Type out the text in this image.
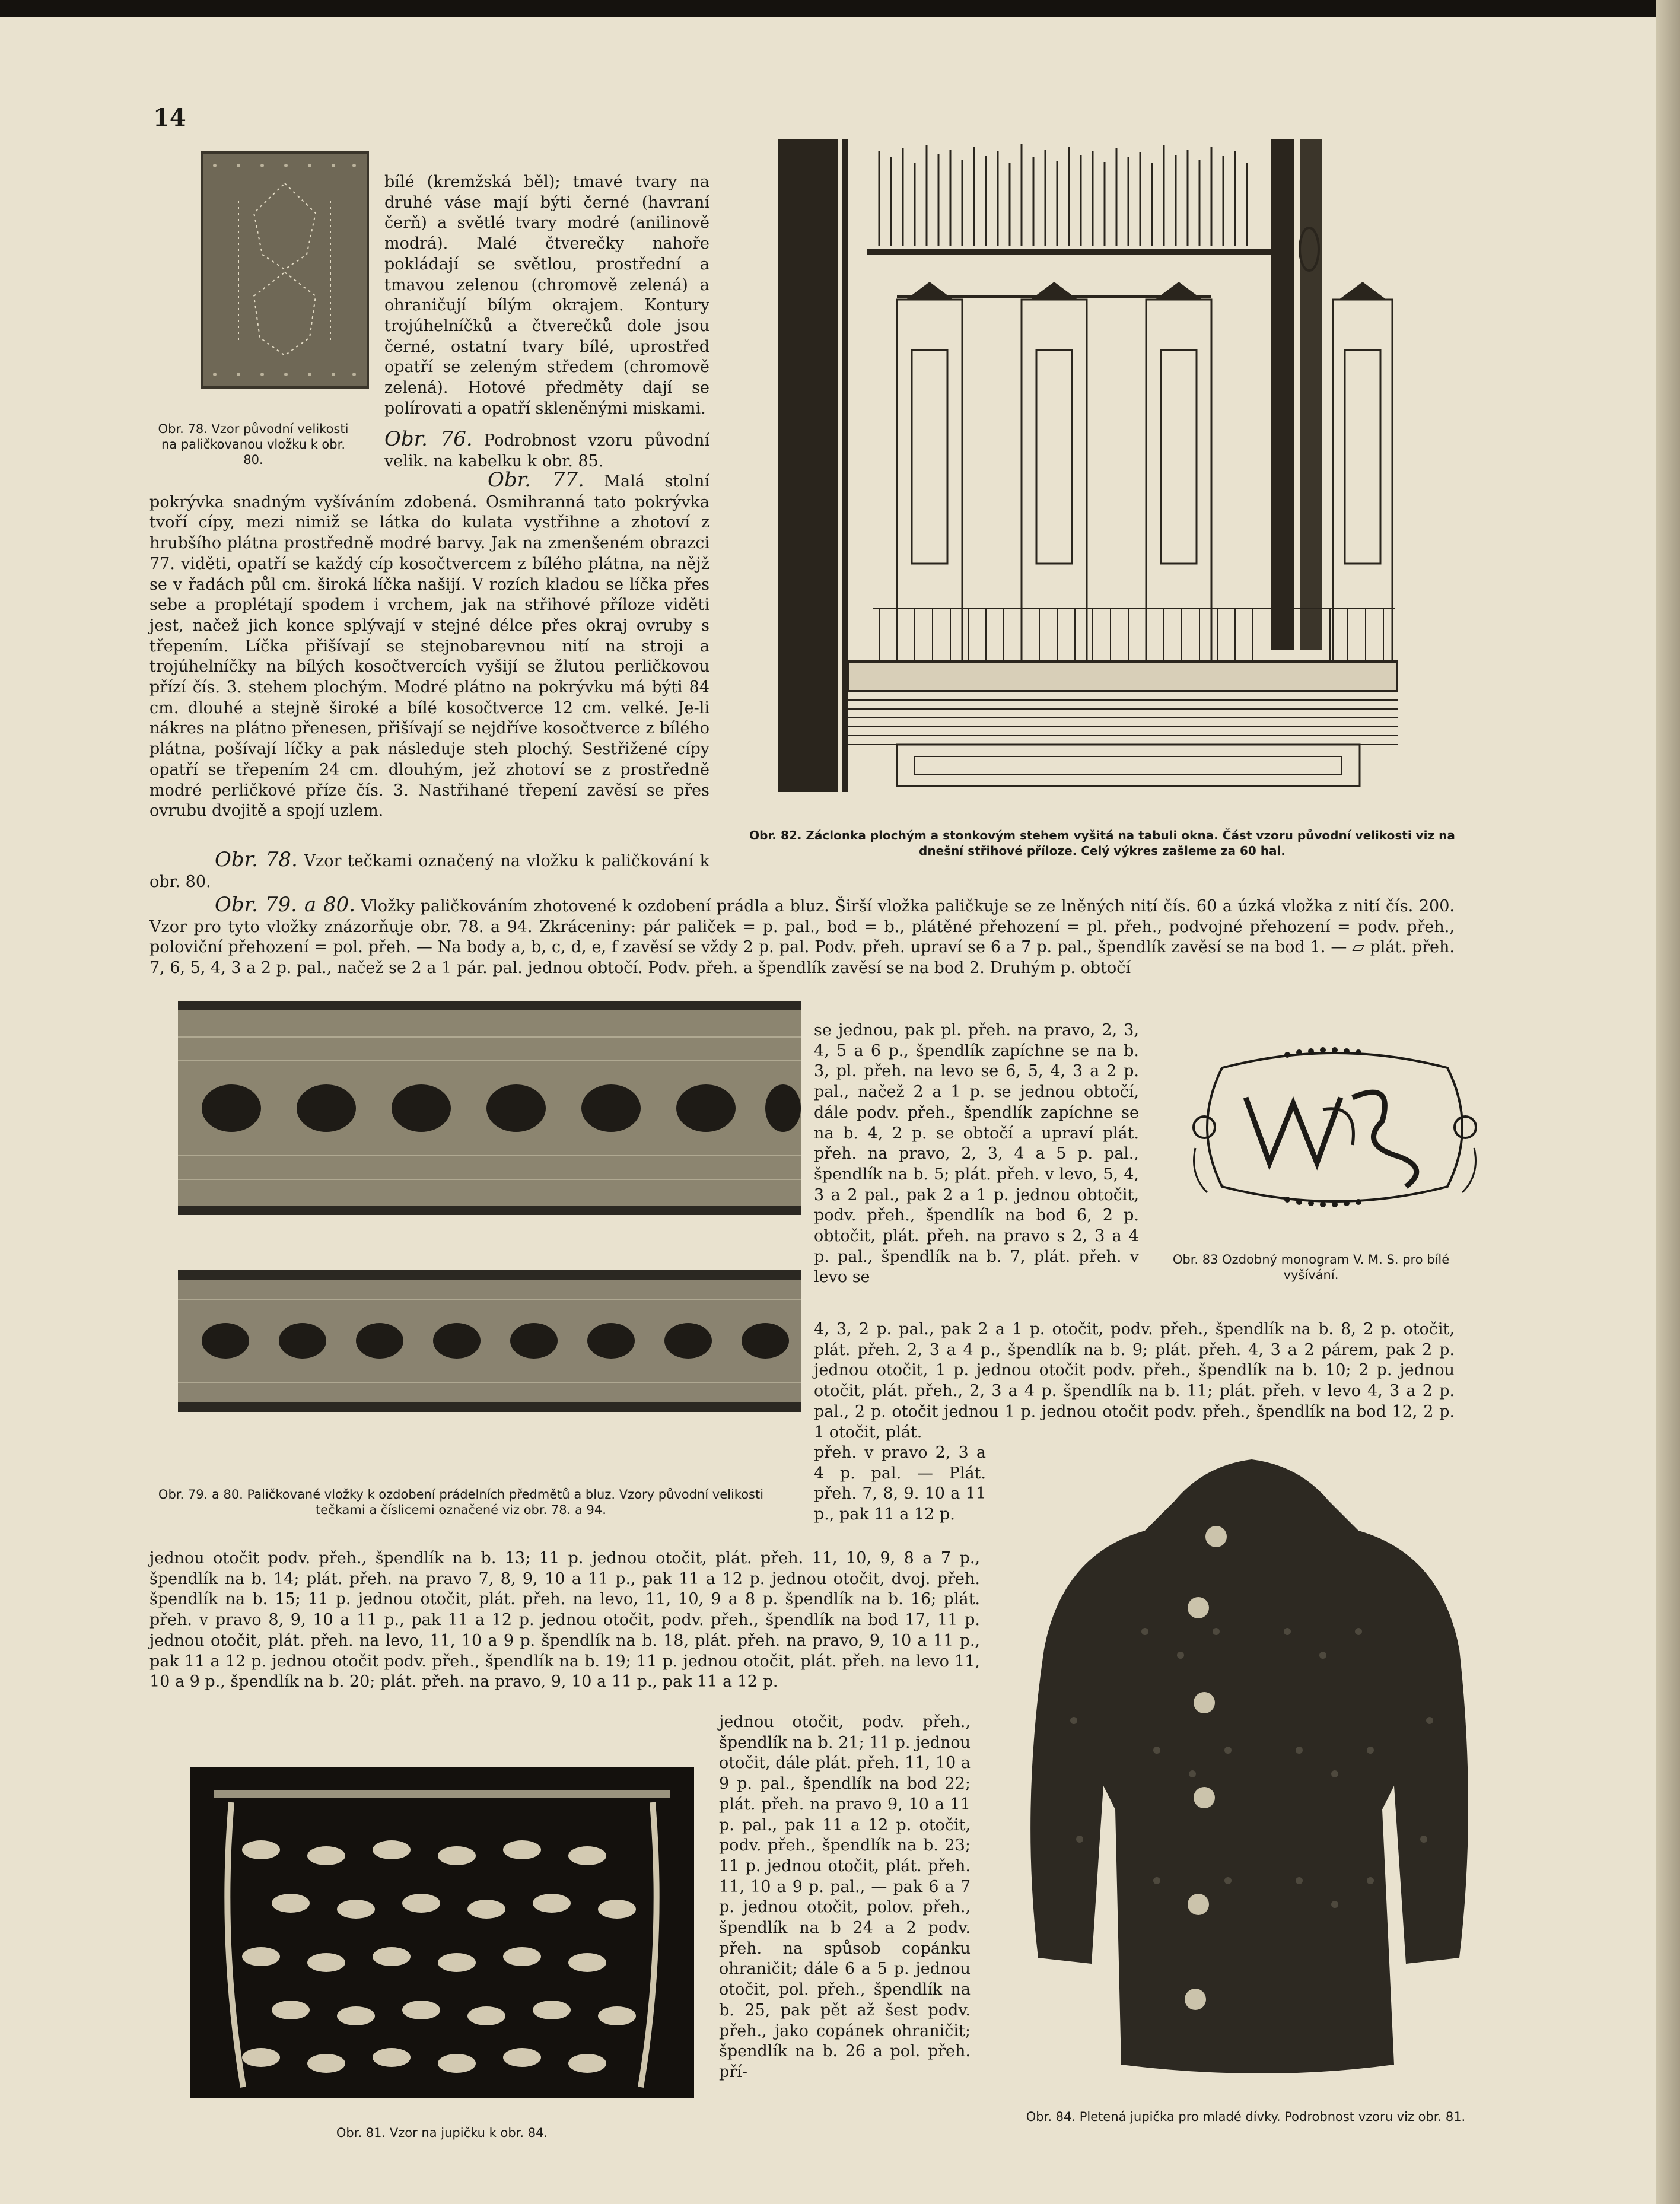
14
Obr. 78. Vzor původní velikosti na paličkovanou vložku k obr. 80.
bílé (kremžská běl); tmavé tvary na druhé váse mají býti černé (havraní čerň) a světlé tvary modré (anilinově modrá). Malé čtverečky nahoře pokládají se světlou, prostřední a tmavou zelenou (chromově zelená) a ohraničují bílým okrajem. Kontury trojúhelníčků a čtverečků dole jsou černé, ostatní tvary bílé, uprostřed opatří se zeleným středem (chromově zelená). Hotové předměty dají se polírovati a opatří skleněnými miskami.
Obr. 76. Podrobnost vzoru původní velik. na kabelku k obr. 85.
Obr. 77. Malá stolní pokrývka snadným vyšíváním zdobená. Osmihranná tato pokrývka tvoří cípy, mezi nimiž se látka do kulata vystřihne a zhotoví z hrubšího plátna prostředně modré barvy. Jak na zmenšeném obrazci 77. viděti, opatří se každý cíp kosočtvercem z bílého plátna, na nějž se v řadách půl cm. široká líčka našijí. V rozích kladou se líčka přes sebe a proplétají spodem i vrchem, jak na střihové příloze viděti jest, načež jich konce splývají v stejné délce přes okraj ovruby s třepením. Líčka přišívají se stejnobarevnou nití na stroji a trojúhelníčky na bílých kosočtvercích vyšijí se žlutou perličkovou přízí čís. 3. stehem plochým. Modré plátno na pokrývku má býti 84 cm. dlouhé a stejně široké a bílé kosočtverce 12 cm. velké. Je-li nákres na plátno přenesen, přišívají se nejdříve kosočtverce z bílého plátna, pošívají líčky a pak následuje steh plochý. Sestřižené cípy opatří se třepením 24 cm. dlouhým, jež zhotoví se z prostředně modré perličkové příze čís. 3. Nastřihané třepení zavěsí se přes ovrubu dvojitě a spojí uzlem.
Obr. 78. Vzor tečkami označený na vložku k paličkování k obr. 80.
Obr. 82. Záclonka plochým a stonkovým stehem vyšitá na tabuli okna. Část vzoru původní velikosti viz na dnešní střihové příloze. Celý výkres zašleme za 60 hal.
Obr. 79. a 80. Vložky paličkováním zhotovené k ozdobení prádla a bluz. Širší vložka paličkuje se ze lněných nití čís. 60 a úzká vložka z nití čís. 200. Vzor pro tyto vložky znázorňuje obr. 78. a 94. Zkráceniny: pár paliček = p. pal., bod = b., plátěné přehození = pl. přeh., podvojné přehození = podv. přeh., poloviční přehození = pol. přeh. — Na body a, b, c, d, e, f zavěsí se vždy 2 p. pal. Podv. přeh. upraví se 6 a 7 p. pal., špendlík zavěsí se na bod 1. — ▱ plát. přeh. 7, 6, 5, 4, 3 a 2 p. pal., načež se 2 a 1 pár. pal. jednou obtočí. Podv. přeh. a špendlík zavěsí se na bod 2. Druhým p. obtočí
Obr. 79. a 80. Paličkované vložky k ozdobení prádelních předmětů a bluz. Vzory původní velikosti tečkami a číslicemi označené viz obr. 78. a 94.
se jednou, pak pl. přeh. na pravo, 2, 3, 4, 5 a 6 p., špendlík zapíchne se na b. 3, pl. přeh. na levo se 6, 5, 4, 3 a 2 p. pal., načež 2 a 1 p. se jednou obtočí, dále podv. přeh., špendlík zapíchne se na b. 4, 2 p. se obtočí a upraví plát. přeh. na pravo, 2, 3, 4 a 5 p. pal., špendlík na b. 5; plát. přeh. v levo, 5, 4, 3 a 2 pal., pak 2 a 1 p. jednou obtočit, podv. přeh., špendlík na bod 6, 2 p. obtočit, plát. přeh. na pravo s 2, 3 a 4 p. pal., špendlík na b. 7, plát. přeh. v levo se
Obr. 83 Ozdobný monogram V. M. S. pro bílé vyšívání.
4, 3, 2 p. pal., pak 2 a 1 p. otočit, podv. přeh., špendlík na b. 8, 2 p. otočit, plát. přeh. 2, 3 a 4 p., špendlík na b. 9; plát. přeh. 4, 3 a 2 párem, pak 2 p. jednou otočit, 1 p. jednou otočit podv. přeh., špendlík na b. 10; 2 p. jednou otočit, plát. přeh., 2, 3 a 4 p. špendlík na b. 11; plát. přeh. v levo 4, 3 a 2 p. pal., 2 p. otočit jednou 1 p. jednou otočit podv. přeh., špendlík na bod 12, 2 p. 1 otočit, plát.
přeh. v pravo 2, 3 a 4 p. pal. — Plát. přeh. 7, 8, 9. 10 a 11 p., pak 11 a 12 p.
jednou otočit podv. přeh., špendlík na b. 13; 11 p. jednou otočit, plát. přeh. 11, 10, 9, 8 a 7 p., špendlík na b. 14; plát. přeh. na pravo 7, 8, 9, 10 a 11 p., pak 11 a 12 p. jednou otočit, dvoj. přeh. špendlík na b. 15; 11 p. jednou otočit, plát. přeh. na levo, 11, 10, 9 a 8 p. špendlík na b. 16; plát. přeh. v pravo 8, 9, 10 a 11 p., pak 11 a 12 p. jednou otočit, podv. přeh., špendlík na bod 17, 11 p. jednou otočit, plát. přeh. na levo, 11, 10 a 9 p. špendlík na b. 18, plát. přeh. na pravo, 9, 10 a 11 p., pak 11 a 12 p. jednou otočit podv. přeh., špendlík na b. 19; 11 p. jednou otočit, plát. přeh. na levo 11, 10 a 9 p., špendlík na b. 20; plát. přeh. na pravo, 9, 10 a 11 p., pak 11 a 12 p.
Obr. 81. Vzor na jupičku k obr. 84.
jednou otočit, podv. přeh., špendlík na b. 21; 11 p. jednou otočit, dále plát. přeh. 11, 10 a 9 p. pal., špendlík na bod 22; plát. přeh. na pravo 9, 10 a 11 p. pal., pak 11 a 12 p. otočit, podv. přeh., špendlík na b. 23; 11 p. jednou otočit, plát. přeh. 11, 10 a 9 p. pal., — pak 6 a 7 p. jednou otočit, polov. přeh., špendlík na b 24 a 2 podv. přeh. na spůsob copánku ohraničit; dále 6 a 5 p. jednou otočit, pol. přeh., špendlík na b. 25, pak pět až šest podv. přeh., jako copánek ohraničit; špendlík na b. 26 a pol. přeh. pří-
Obr. 84. Pletená jupička pro mladé dívky. Podrobnost vzoru viz obr. 81.
